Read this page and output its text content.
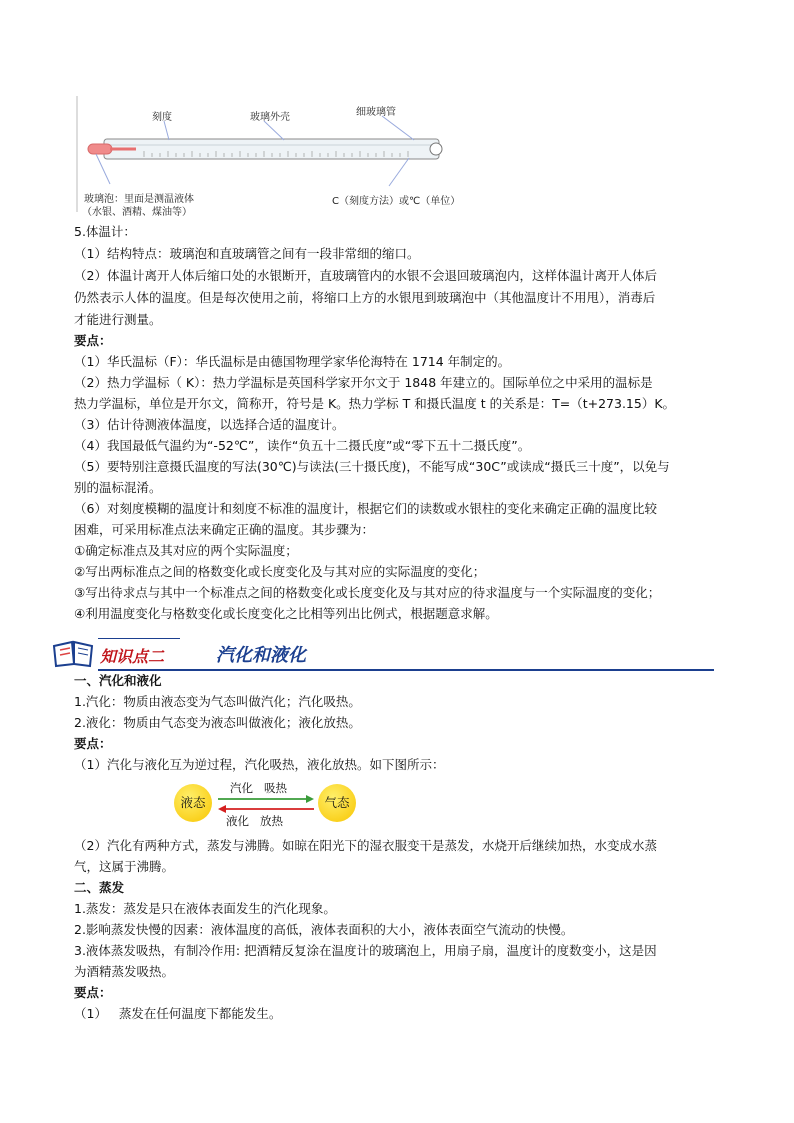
刻度	玻璃外壳	细玻璃管
玻璃泡：里面是测温液体
（水银、酒精、煤油等）
C（刻度方法）或℃（单位）
5.体温计：
（1）结构特点：玻璃泡和直玻璃管之间有一段非常细的缩口。
（2）体温计离开人体后缩口处的水银断开，直玻璃管内的水银不会退回玻璃泡内，这样体温计离开人体后
仍然表示人体的温度。但是每次使用之前，将缩口上方的水银甩到玻璃泡中（其他温度计不用甩），消毒后
才能进行测量。
要点：
（1）华氏温标（F）：华氏温标是由德国物理学家华伦海特在 1714 年制定的。
（2）热力学温标（ K）：热力学温标是英国科学家开尔文于 1848 年建立的。国际单位之中采用的温标是
热力学温标，单位是开尔文，简称开，符号是 K。热力学标 T 和摄氏温度 t 的关系是：T=（t+273.15）K。
（3）估计待测液体温度，以选择合适的温度计。
（4）我国最低气温约为“-52℃”，读作“负五十二摄氏度”或“零下五十二摄氏度”。
（5）要特别注意摄氏温度的写法(30℃)与读法(三十摄氏度)，不能写成“30C”或读成“摄氏三十度”，以免与
别的温标混淆。
（6）对刻度模糊的温度计和刻度不标准的温度计，根据它们的读数或水银柱的变化来确定正确的温度比较
困难，可采用标准点法来确定正确的温度。其步骤为：
①确定标准点及其对应的两个实际温度；
②写出两标准点之间的格数变化或长度变化及与其对应的实际温度的变化；
③写出待求点与其中一个标准点之间的格数变化或长度变化及与其对应的待求温度与一个实际温度的变化；
④利用温度变化与格数变化或长度变化之比相等列出比例式，根据题意求解。
知识点二	汽化和液化
一、汽化和液化
1.汽化：物质由液态变为气态叫做汽化；汽化吸热。
2.液化：物质由气态变为液态叫做液化；液化放热。
要点：
（1）汽化与液化互为逆过程，汽化吸热，液化放热。如下图所示：
液态	气态
汽化   吸热
液化   放热
（2）汽化有两种方式，蒸发与沸腾。如晾在阳光下的湿衣服变干是蒸发，水烧开后继续加热，水变成水蒸
气，这属于沸腾。
二、蒸发
1.蒸发：蒸发是只在液体表面发生的汽化现象。
2.影响蒸发快慢的因素：液体温度的高低，液体表面积的大小，液体表面空气流动的快慢。
3.液体蒸发吸热，有制冷作用: 把酒精反复涂在温度计的玻璃泡上，用扇子扇，温度计的度数变小，这是因
为酒精蒸发吸热。
要点：
（1）   蒸发在任何温度下都能发生。
